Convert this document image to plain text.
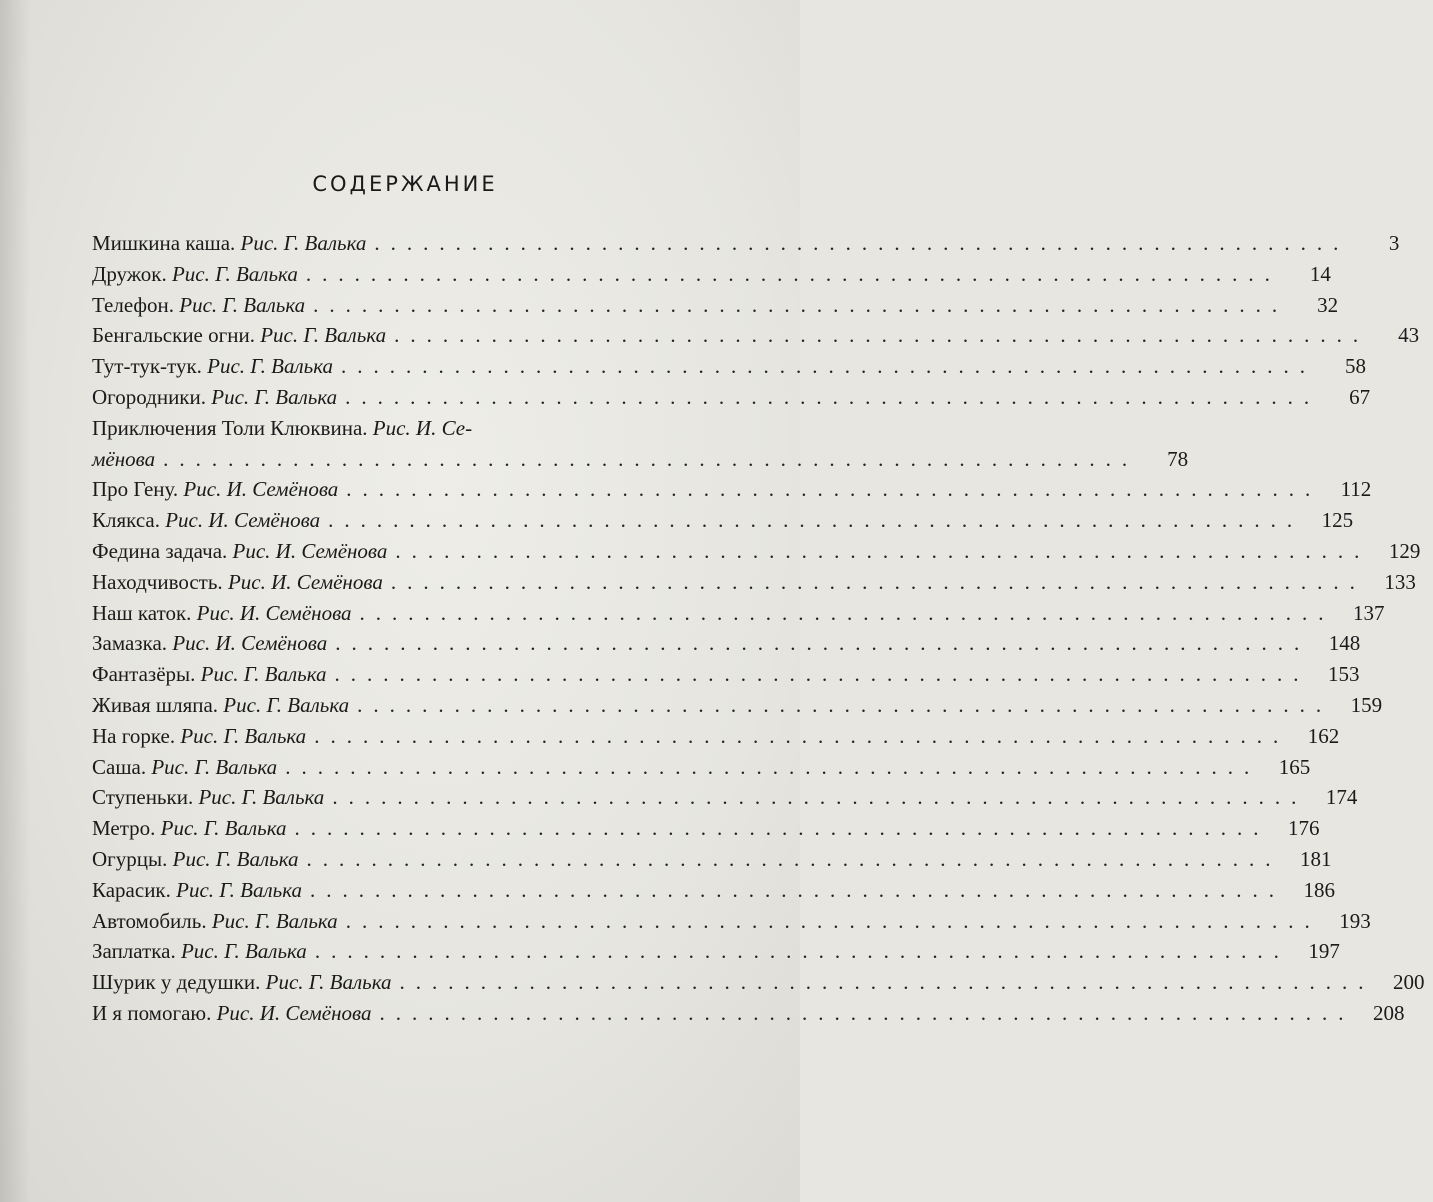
СОДЕРЖАНИЕ
Мишкина каша. Рис. Г. Валька ............................................................	3
Дружок. Рис. Г. Валька ............................................................	14
Телефон. Рис. Г. Валька ............................................................	32
Бенгальские огни. Рис. Г. Валька ............................................................	43
Тут-тук-тук. Рис. Г. Валька ............................................................	58
Огородники. Рис. Г. Валька ............................................................	67
Приключения Толи Клюквина. Рис. И. Се-
мёнова ............................................................	78
Про Гену. Рис. И. Семёнова ............................................................ 112
Клякса. Рис. И. Семёнова ............................................................ 125
Федина задача. Рис. И. Семёнова ............................................................ 129
Находчивость. Рис. И. Семёнова ............................................................ 133
Наш каток. Рис. И. Семёнова ............................................................ 137
Замазка. Рис. И. Семёнова ............................................................ 148
Фантазёры. Рис. Г. Валька ............................................................ 153
Живая шляпа. Рис. Г. Валька ............................................................ 159
На горке. Рис. Г. Валька ............................................................ 162
Саша. Рис. Г. Валька ............................................................ 165
Ступеньки. Рис. Г. Валька ............................................................ 174
Метро. Рис. Г. Валька ............................................................ 176
Огурцы. Рис. Г. Валька ............................................................ 181
Карасик. Рис. Г. Валька ............................................................ 186
Автомобиль. Рис. Г. Валька ............................................................ 193
Заплатка. Рис. Г. Валька ............................................................ 197
Шурик у дедушки. Рис. Г. Валька ............................................................ 200
И я помогаю. Рис. И. Семёнова ............................................................ 208
